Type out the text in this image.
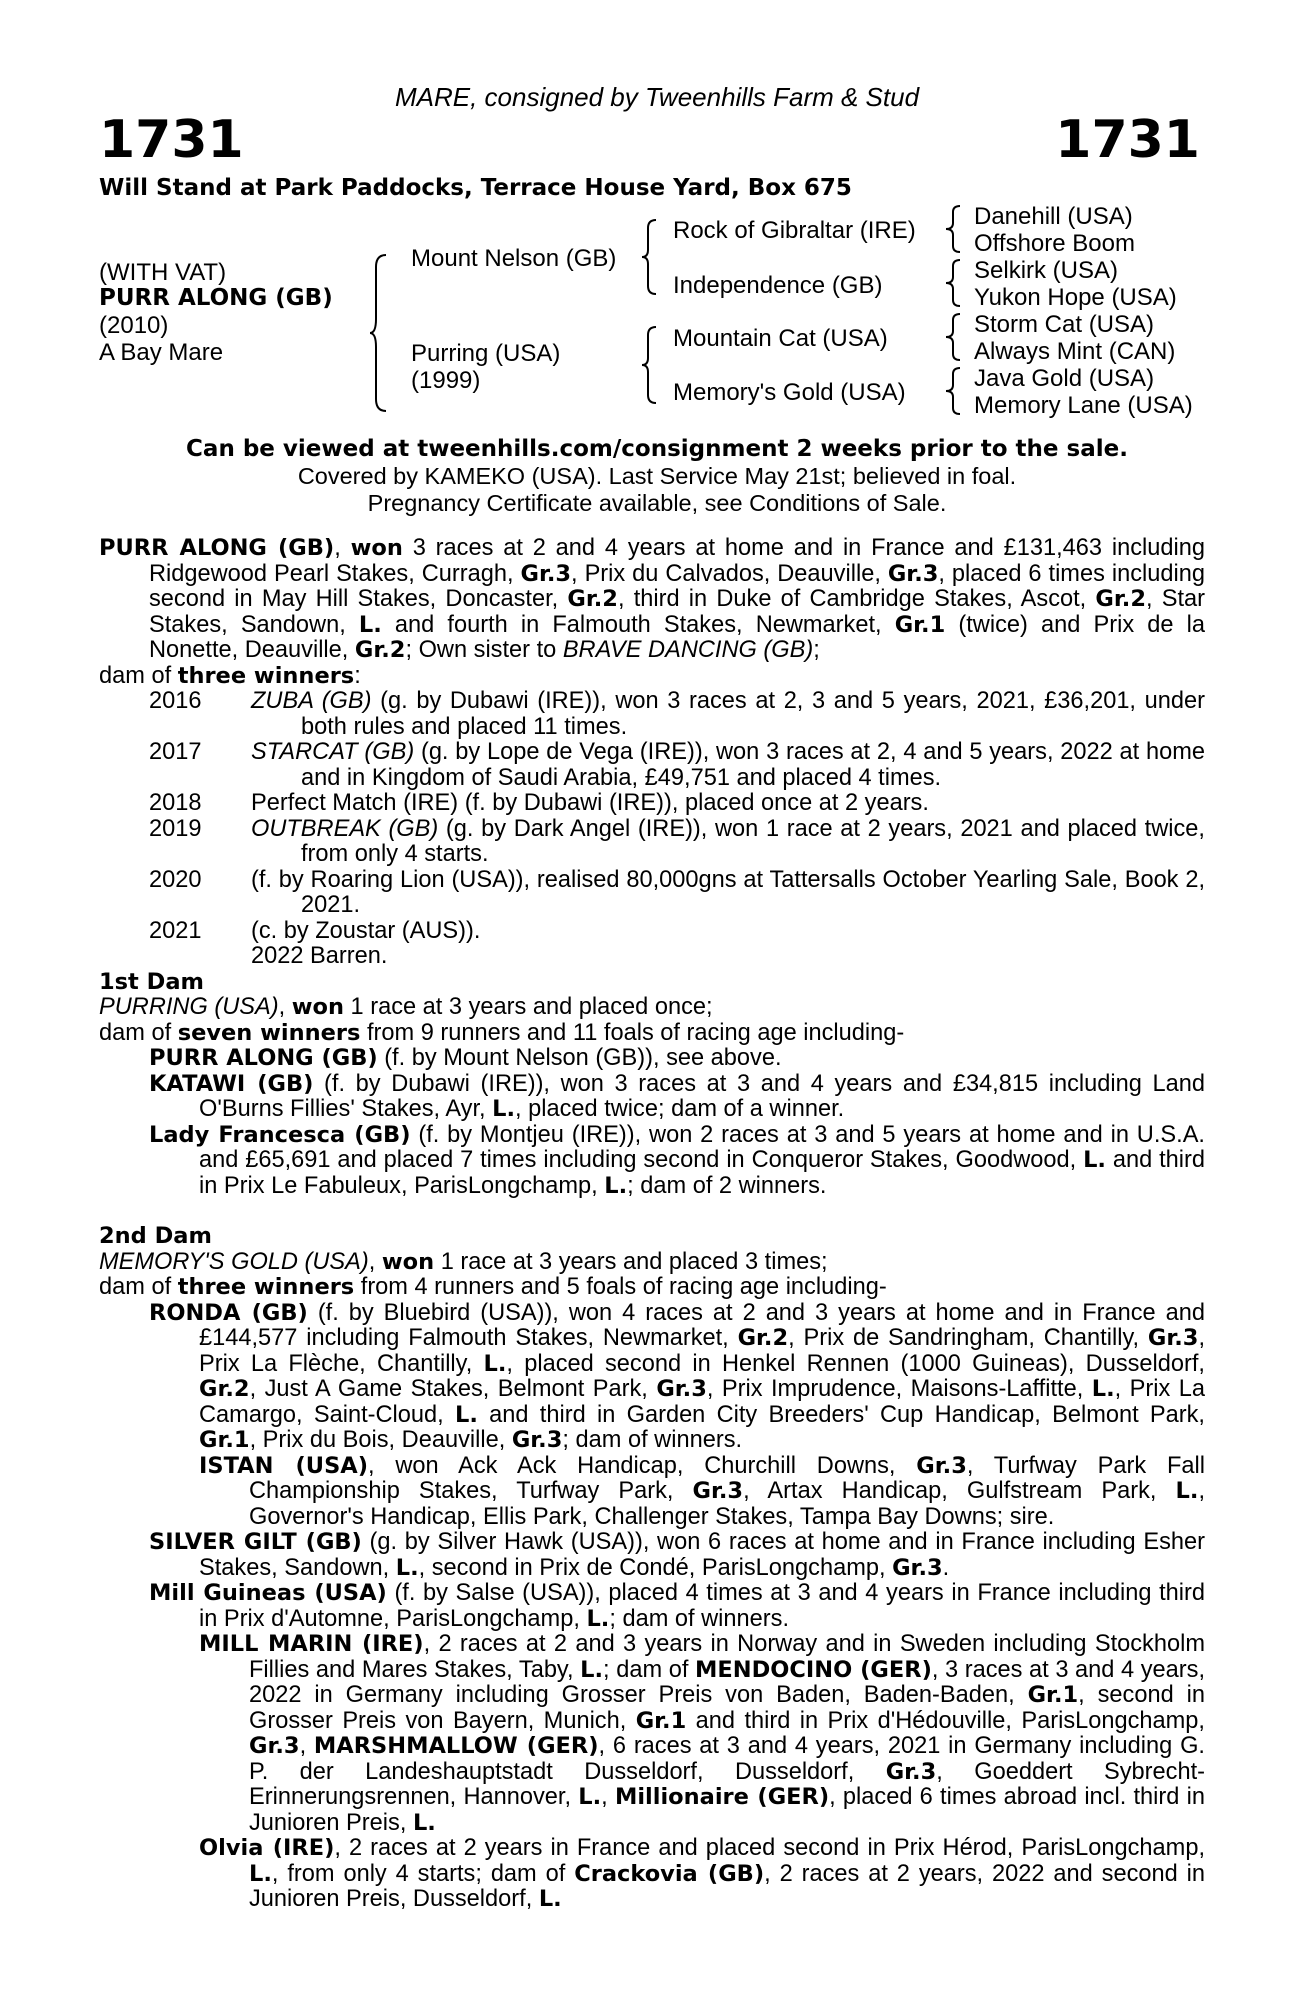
MARE, consigned by Tweenhills Farm & Stud
1731	1731
Will Stand at Park Paddocks, Terrace House Yard, Box 675
(WITH VAT)
PURR ALONG (GB)
(2010)
A Bay Mare
Mount Nelson (GB)
Purring (USA)
(1999)
Rock of Gibraltar (IRE)
Independence (GB)
Mountain Cat (USA)
Memory's Gold (USA)
Danehill (USA)
Offshore Boom
Selkirk (USA)
Yukon Hope (USA)
Storm Cat (USA)
Always Mint (CAN)
Java Gold (USA)
Memory Lane (USA)
Can be viewed at tweenhills.com/consignment 2 weeks prior to the sale.
Covered by KAMEKO (USA). Last Service May 21st; believed in foal.
Pregnancy Certificate available, see Conditions of Sale.

PURR ALONG (GB), won 3 races at 2 and 4 years at home and in France and £131,463 including Ridgewood Pearl Stakes, Curragh, Gr.3, Prix du Calvados, Deauville, Gr.3, placed 6 times including second in May Hill Stakes, Doncaster, Gr.2, third in Duke of Cambridge Stakes, Ascot, Gr.2, Star Stakes, Sandown, L. and fourth in Falmouth Stakes, Newmarket, Gr.1 (twice) and Prix de la Nonette, Deauville, Gr.2; Own sister to BRAVE DANCING (GB);

dam of three winners:

2016	ZUBA (GB) (g. by Dubawi (IRE)), won 3 races at 2, 3 and 5 years, 2021, £36,201, under both rules and placed 11 times.
2017	STARCAT (GB) (g. by Lope de Vega (IRE)), won 3 races at 2, 4 and 5 years, 2022 at home and in Kingdom of Saudi Arabia, £49,751 and placed 4 times.
2018	Perfect Match (IRE) (f. by Dubawi (IRE)), placed once at 2 years.
2019	OUTBREAK (GB) (g. by Dark Angel (IRE)), won 1 race at 2 years, 2021 and placed twice, from only 4 starts.
2020	(f. by Roaring Lion (USA)), realised 80,000gns at Tattersalls October Yearling Sale, Book 2, 2021.
2021	(c. by Zoustar (AUS)).
2022 Barren.
1st Dam

PURRING (USA), won 1 race at 3 years and placed once;

dam of seven winners from 9 runners and 11 foals of racing age including-

PURR ALONG (GB) (f. by Mount Nelson (GB)), see above.

KATAWI (GB) (f. by Dubawi (IRE)), won 3 races at 3 and 4 years and £34,815 including Land O'Burns Fillies' Stakes, Ayr, L., placed twice; dam of a winner.

Lady Francesca (GB) (f. by Montjeu (IRE)), won 2 races at 3 and 5 years at home and in U.S.A. and £65,691 and placed 7 times including second in Conqueror Stakes, Goodwood, L. and third in Prix Le Fabuleux, ParisLongchamp, L.; dam of 2 winners.

2nd Dam

MEMORY'S GOLD (USA), won 1 race at 3 years and placed 3 times;

dam of three winners from 4 runners and 5 foals of racing age including-

RONDA (GB) (f. by Bluebird (USA)), won 4 races at 2 and 3 years at home and in France and £144,577 including Falmouth Stakes, Newmarket, Gr.2, Prix de Sandringham, Chantilly, Gr.3, Prix La Flèche, Chantilly, L., placed second in Henkel Rennen (1000 Guineas), Dusseldorf, Gr.2, Just A Game Stakes, Belmont Park, Gr.3, Prix Imprudence, Maisons-Laffitte, L., Prix La Camargo, Saint-Cloud, L. and third in Garden City Breeders' Cup Handicap, Belmont Park, Gr.1, Prix du Bois, Deauville, Gr.3; dam of winners.

ISTAN (USA), won Ack Ack Handicap, Churchill Downs, Gr.3, Turfway Park Fall Championship Stakes, Turfway Park, Gr.3, Artax Handicap, Gulfstream Park, L., Governor's Handicap, Ellis Park, Challenger Stakes, Tampa Bay Downs; sire.

SILVER GILT (GB) (g. by Silver Hawk (USA)), won 6 races at home and in France including Esher Stakes, Sandown, L., second in Prix de Condé, ParisLongchamp, Gr.3.

Mill Guineas (USA) (f. by Salse (USA)), placed 4 times at 3 and 4 years in France including third in Prix d'Automne, ParisLongchamp, L.; dam of winners.

MILL MARIN (IRE), 2 races at 2 and 3 years in Norway and in Sweden including Stockholm Fillies and Mares Stakes, Taby, L.; dam of MENDOCINO (GER), 3 races at 3 and 4 years, 2022 in Germany including Grosser Preis von Baden, Baden-Baden, Gr.1, second in Grosser Preis von Bayern, Munich, Gr.1 and third in Prix d'Hédouville, ParisLongchamp, Gr.3, MARSHMALLOW (GER), 6 races at 3 and 4 years, 2021 in Germany including G. P. der Landeshauptstadt Dusseldorf, Dusseldorf, Gr.3, Goeddert Sybrecht-Erinnerungsrennen, Hannover, L., Millionaire (GER), placed 6 times abroad incl. third in Junioren Preis, L.

Olvia (IRE), 2 races at 2 years in France and placed second in Prix Hérod, ParisLongchamp, L., from only 4 starts; dam of Crackovia (GB), 2 races at 2 years, 2022 and second in Junioren Preis, Dusseldorf, L.
